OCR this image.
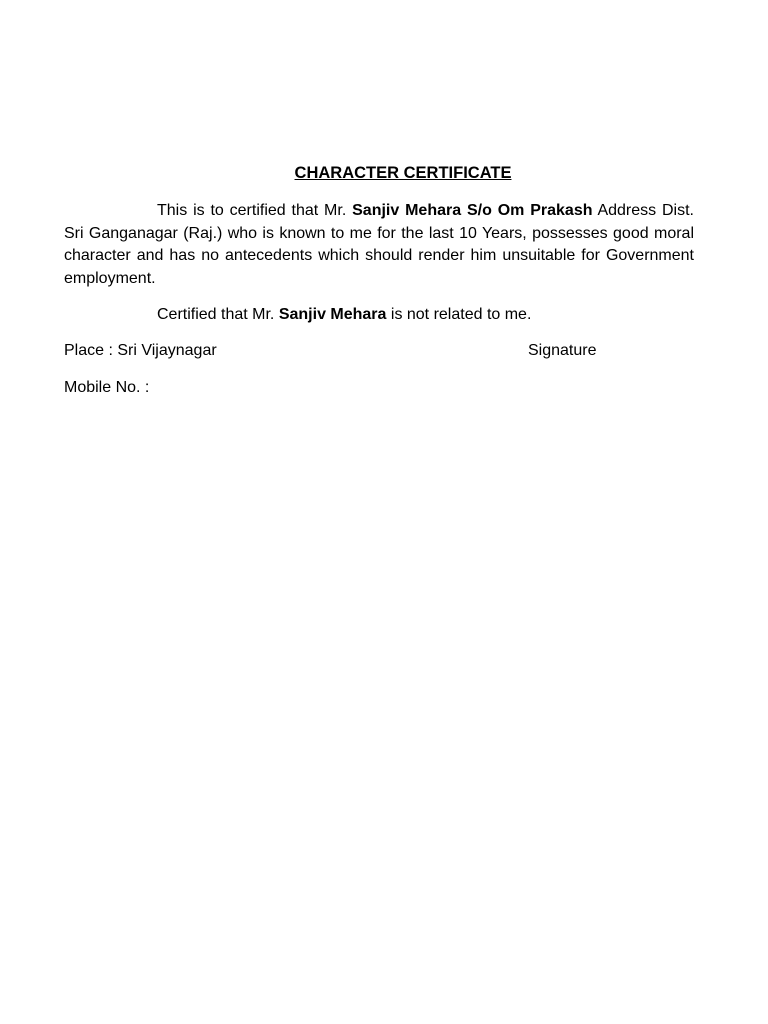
CHARACTER CERTIFICATE

This is to certified that Mr. Sanjiv Mehara S/o Om Prakash Address Dist. Sri Ganganagar (Raj.) who is known to me for the last 10 Years, possesses good moral character and has no antecedents which should render him unsuitable for Government employment.

Certified that Mr. Sanjiv Mehara is not related to me.

Place : Sri Vijaynagar	Signature

Mobile No. :
